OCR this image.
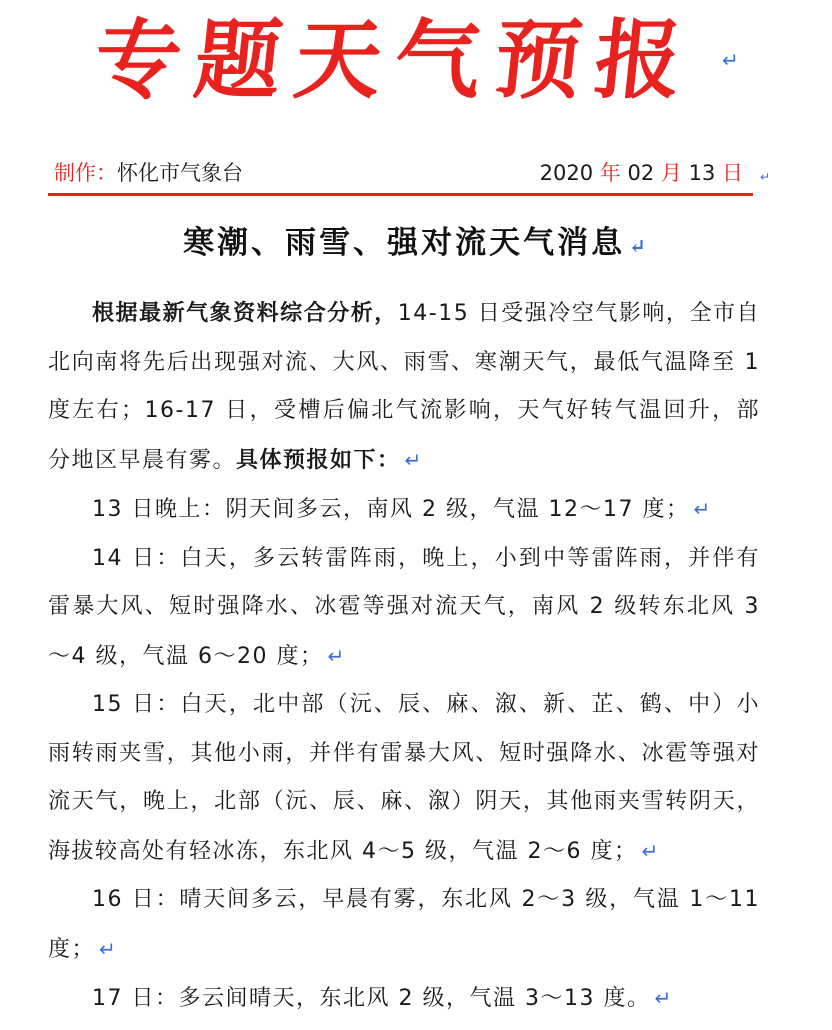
专题天气预报 ↵
制作：怀化市气象台	2020 年 02 月 13 日 ↵
寒潮、雨雪、强对流天气消息 ↵

根据最新气象资料综合分析，14-15 日受强冷空气影响，全市自北向南将先后出现强对流、大风、雨雪、寒潮天气，最低气温降至 1 度左右；16-17 日，受槽后偏北气流影响，天气好转气温回升，部分地区早晨有雾。具体预报如下： ↵

13 日晚上：阴天间多云，南风 2 级，气温 12～17 度； ↵

14 日：白天，多云转雷阵雨，晚上，小到中等雷阵雨，并伴有雷暴大风、短时强降水、冰雹等强对流天气，南风 2 级转东北风 3～4 级，气温 6～20 度； ↵

15 日：白天，北中部（沅、辰、麻、溆、新、芷、鹤、中）小雨转雨夹雪，其他小雨，并伴有雷暴大风、短时强降水、冰雹等强对流天气，晚上，北部（沅、辰、麻、溆）阴天，其他雨夹雪转阴天，海拔较高处有轻冰冻，东北风 4～5 级，气温 2～6 度； ↵

16 日：晴天间多云，早晨有雾，东北风 2～3 级，气温 1～11 度； ↵

17 日：多云间晴天，东北风 2 级，气温 3～13 度。 ↵
